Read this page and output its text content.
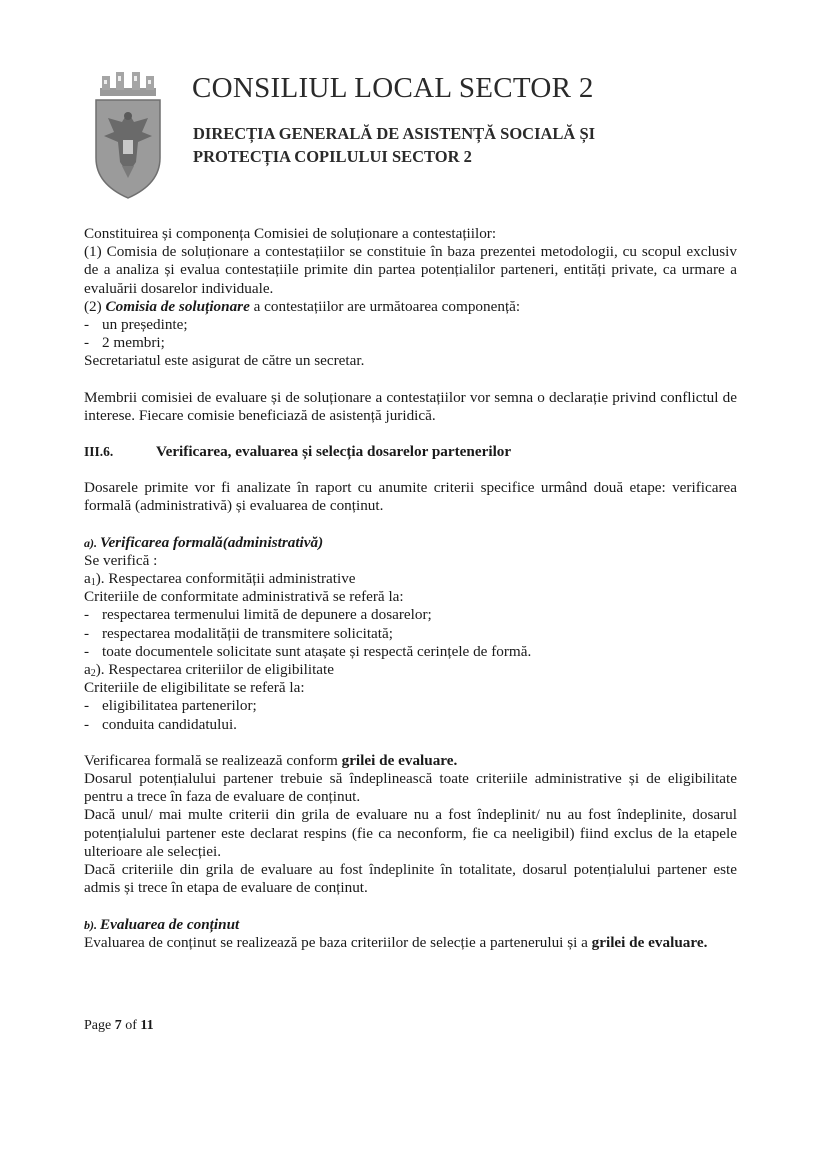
CONSILIUL LOCAL SECTOR 2
DIRECȚIA GENERALĂ DE ASISTENȚĂ SOCIALĂ ȘI
PROTECȚIA COPILULUI SECTOR 2

Constituirea și componența Comisiei de soluționare a contestațiilor:

(1) Comisia de soluționare a contestațiilor se constituie în baza prezentei metodologii, cu scopul exclusiv de a analiza și evalua contestațiile primite din partea potențialilor parteneri, entități private, ca urmare a evaluării dosarelor individuale.

(2) Comisia de soluționare a contestațiilor are următoarea componență:

- un președinte;
- 2 membri;

Secretariatul este asigurat de către un secretar.

Membrii comisiei de evaluare și de soluționare a contestațiilor vor semna o declarație privind conflictul de interese. Fiecare comisie beneficiază de asistență juridică.

III.6.	Verificarea, evaluarea și selecția dosarelor partenerilor

Dosarele primite vor fi analizate în raport cu anumite criterii specifice urmând două etape: verificarea formală (administrativă) și evaluarea de conținut.

a). Verificarea formală(administrativă)

Se verifică :

$a_1$). Respectarea conformității administrative

Criteriile de conformitate administrativă se referă la:

- respectarea termenului limită de depunere a dosarelor;
- respectarea modalității de transmitere solicitată;
- toate documentele solicitate sunt atașate și respectă cerințele de formă.

$a_2$). Respectarea criteriilor de eligibilitate

Criteriile de eligibilitate se referă la:

- eligibilitatea partenerilor;
- conduita candidatului.

Verificarea formală se realizează conform grilei de evaluare.

Dosarul potențialului partener trebuie să îndeplinească toate criteriile administrative și de eligibilitate pentru a trece în faza de evaluare de conținut.

Dacă unul/ mai multe criterii din grila de evaluare nu a fost îndeplinit/ nu au fost îndeplinite, dosarul potențialului partener este declarat respins (fie ca neconform, fie ca neeligibil) fiind exclus de la etapele ulterioare ale selecției.

Dacă criteriile din grila de evaluare au fost îndeplinite în totalitate, dosarul potențialului partener este admis și trece în etapa de evaluare de conținut.

b). Evaluarea de conținut

Evaluarea de conținut se realizează pe baza criteriilor de selecție a partenerului și a grilei de evaluare.

Page 7 of 11
